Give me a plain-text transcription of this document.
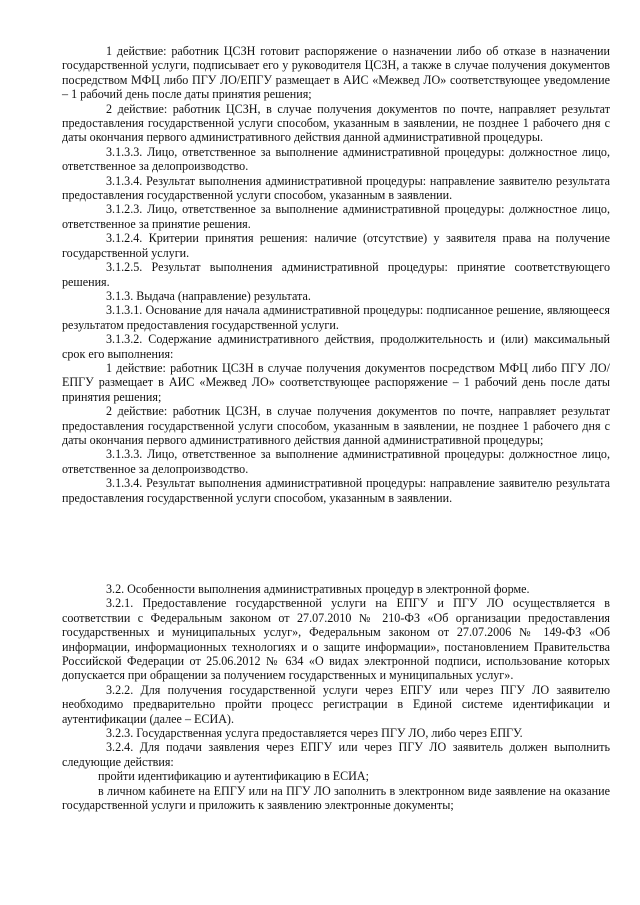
1 действие: работник ЦСЗН готовит распоряжение о назначении либо об отказе в назначении государственной услуги, подписывает его у руководителя ЦСЗН, а также в случае получения документов посредством МФЦ либо ПГУ ЛО/ЕПГУ размещает в АИС «Межвед ЛО» соответствующее уведомление – 1 рабочий день после даты принятия решения;

2 действие: работник ЦСЗН, в случае получения документов по почте, направляет результат предоставления государственной услуги способом, указанным в заявлении, не позднее 1 рабочего дня с даты окончания первого административного действия данной административной процедуры.

3.1.3.3. Лицо, ответственное за выполнение административной процедуры: должностное лицо, ответственное за делопроизводство.

3.1.3.4. Результат выполнения административной процедуры: направление заявителю результата предоставления государственной услуги способом, указанным в заявлении.

3.1.2.3. Лицо, ответственное за выполнение административной процедуры: должностное лицо, ответственное за принятие решения.

3.1.2.4. Критерии принятия решения: наличие (отсутствие) у заявителя права на получение государственной услуги.

3.1.2.5. Результат выполнения административной процедуры: принятие соответствующего решения.

3.1.3. Выдача (направление) результата.

3.1.3.1. Основание для начала административной процедуры: подписанное решение, являющееся результатом предоставления государственной услуги.

3.1.3.2. Содержание административного действия, продолжительность и (или) максимальный срок его выполнения:

1 действие: работник ЦСЗН в случае получения документов посредством МФЦ либо ПГУ ЛО/ЕПГУ размещает в АИС «Межвед ЛО» соответствующее распоряжение – 1 рабочий день после даты принятия решения;

2 действие: работник ЦСЗН, в случае получения документов по почте, направляет результат предоставления государственной услуги способом, указанным в заявлении, не позднее 1 рабочего дня с даты окончания первого административного действия данной административной процедуры;

3.1.3.3. Лицо, ответственное за выполнение административной процедуры: должностное лицо, ответственное за делопроизводство.

3.1.3.4. Результат выполнения административной процедуры: направление заявителю результата предоставления государственной услуги способом, указанным в заявлении.

3.2. Особенности выполнения административных процедур в электронной форме.

3.2.1. Предоставление государственной услуги на ЕПГУ и ПГУ ЛО осуществляется в соответствии с Федеральным законом от 27.07.2010 № 210-ФЗ «Об организации предоставления государственных и муниципальных услуг», Федеральным законом от 27.07.2006 № 149-ФЗ «Об информации, информационных технологиях и о защите информации», постановлением Правительства Российской Федерации от 25.06.2012 № 634 «О видах электронной подписи, использование которых допускается при обращении за получением государственных и муниципальных услуг».

3.2.2. Для получения государственной услуги через ЕПГУ или через ПГУ ЛО заявителю необходимо предварительно пройти процесс регистрации в Единой системе идентификации и аутентификации (далее – ЕСИА).

3.2.3. Государственная услуга предоставляется через ПГУ ЛО, либо через ЕПГУ.

3.2.4. Для подачи заявления через ЕПГУ или через ПГУ ЛО заявитель должен выполнить следующие действия:

пройти идентификацию и аутентификацию в ЕСИА;

в личном кабинете на ЕПГУ или на ПГУ ЛО заполнить в электронном виде заявление на оказание государственной услуги и приложить к заявлению электронные документы;
